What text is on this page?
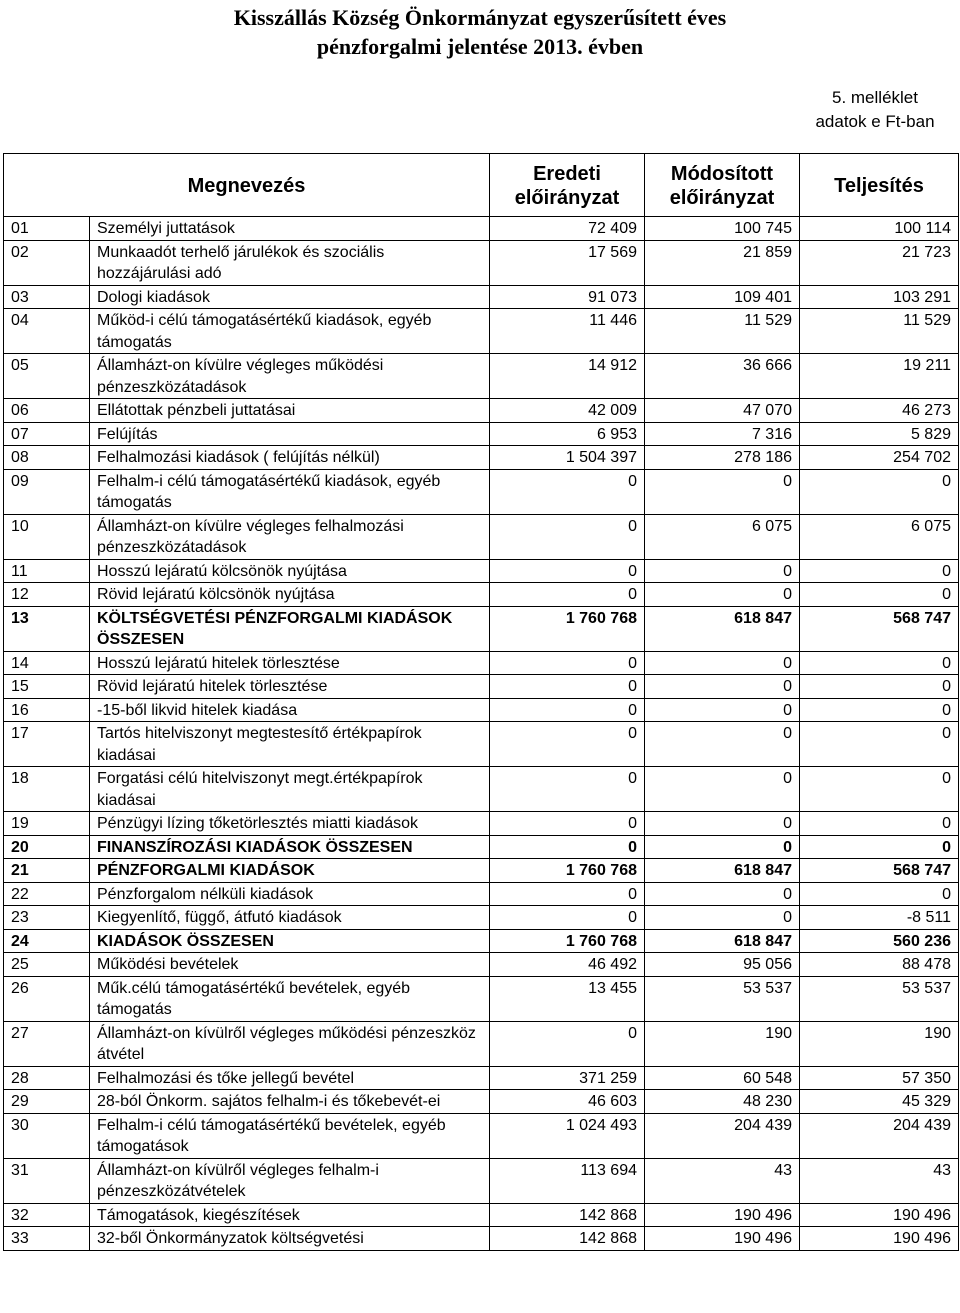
Kisszállás Község Önkormányzat egyszerűsített éves
pénzforgalmi jelentése 2013. évben
5. melléklet
adatok e Ft-ban
Megnevezés		Eredeti előirányzat	Módosított előirányzat	Teljesítés
01	Személyi juttatások	72 409	100 745	100 114
02	Munkaadót terhelő járulékok és szociális hozzájárulási adó	17 569	21 859	21 723
03	Dologi kiadások	91 073	109 401	103 291
04	Működ-i célú támogatásértékű kiadások, egyéb támogatás	11 446	11 529	11 529
05	Államházt-on kívülre végleges működési pénzeszközátadások	14 912	36 666	19 211
06	Ellátottak pénzbeli juttatásai	42 009	47 070	46 273
07	Felújítás	6 953	7 316	5 829
08	Felhalmozási kiadások ( felújítás nélkül)	1 504 397	278 186	254 702
09	Felhalm-i célú támogatásértékű kiadások, egyéb támogatás	0	0	0
10	Államházt-on kívülre végleges felhalmozási pénzeszközátadások	0	6 075	6 075
11	Hosszú lejáratú kölcsönök nyújtása	0	0	0
12	Rövid lejáratú kölcsönök nyújtása	0	0	0
13	KÖLTSÉGVETÉSI PÉNZFORGALMI KIADÁSOK ÖSSZESEN	1 760 768	618 847	568 747
14	Hosszú lejáratú hitelek törlesztése	0	0	0
15	Rövid lejáratú hitelek törlesztése	0	0	0
16	-15-ből likvid hitelek kiadása	0	0	0
17	Tartós hitelviszonyt megtestesítő értékpapírok kiadásai	0	0	0
18	Forgatási célú hitelviszonyt megt.értékpapírok kiadásai	0	0	0
19	Pénzügyi lízing tőketörlesztés miatti kiadások	0	0	0
20	FINANSZÍROZÁSI KIADÁSOK ÖSSZESEN	0	0	0
21	PÉNZFORGALMI KIADÁSOK	1 760 768	618 847	568 747
22	Pénzforgalom nélküli kiadások	0	0	0
23	Kiegyenlítő, függő, átfutó kiadások	0	0	-8 511
24	KIADÁSOK ÖSSZESEN	1 760 768	618 847	560 236
25	Működési bevételek	46 492	95 056	88 478
26	Műk.célú támogatásértékű bevételek, egyéb támogatás	13 455	53 537	53 537
27	Államházt-on kívülről végleges működési pénzeszköz átvétel	0	190	190
28	Felhalmozási és tőke jellegű bevétel	371 259	60 548	57 350
29	28-ból Önkorm. sajátos felhalm-i és tőkebevét-ei	46 603	48 230	45 329
30	Felhalm-i célú támogatásértékű bevételek, egyéb támogatások	1 024 493	204 439	204 439
31	Államházt-on kívülről végleges felhalm-i pénzeszközátvételek	113 694	43	43
32	Támogatások, kiegészítések	142 868	190 496	190 496
33	32-ből Önkormányzatok költségvetési	142 868	190 496	190 496
